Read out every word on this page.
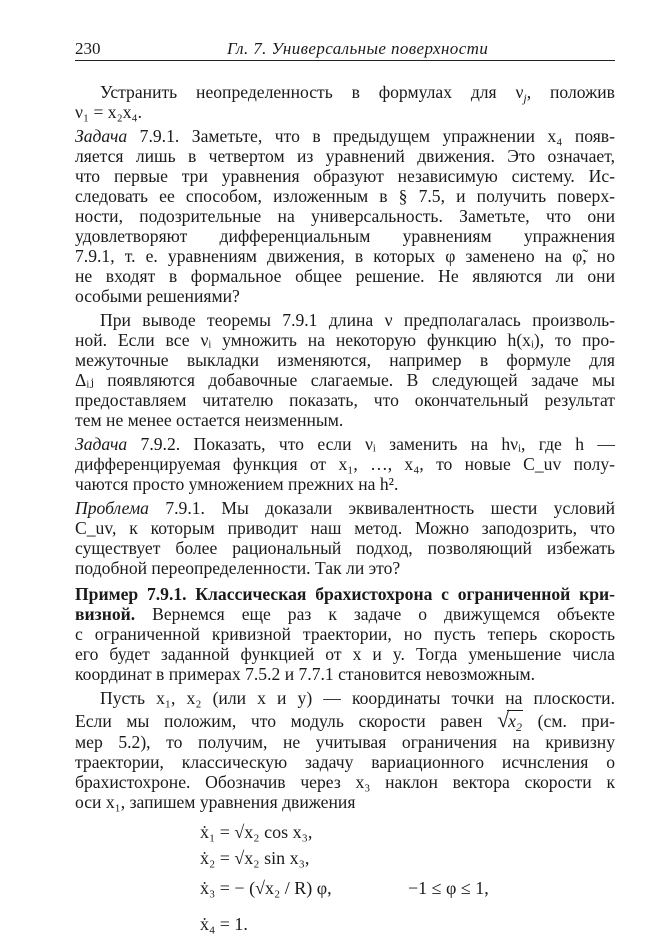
230	Гл. 7. Универсальные поверхности
Устранить неопределенность в формулах для $\nu_j$, положив
ν₁ = x₂x₄.
Задача 7.9.1. Заметьте, что в предыдущем упражнении x₄ появ-
ляется лишь в четвертом из уравнений движения. Это означает,
что первые три уравнения образуют независимую систему. Ис-
следовать ее способом, изложенным в § 7.5, и получить поверх-
ности, подозрительные на универсальность. Заметьте, что они
удовлетворяют дифференциальным уравнениям упражнения
7.9.1, т. е. уравнениям движения, в которых φ заменено на φ̃, но
не входят в формальное общее решение. Не являются ли они
особыми решениями?
При выводе теоремы 7.9.1 длина ν предполагалась произволь-
ной. Если все νᵢ умножить на некоторую функцию h(xᵢ), то про-
межуточные выкладки изменяются, например в формуле для
Δᵢⱼ появляются добавочные слагаемые. В следующей задаче мы
предоставляем читателю показать, что окончательный результат
тем не менее остается неизменным.
Задача 7.9.2. Показать, что если νᵢ заменить на hνᵢ, где h —
дифференцируемая функция от x₁, …, x₄, то новые C_uv полу-
чаются просто умножением прежних на h².
Проблема 7.9.1. Мы доказали эквивалентность шести условий
C_uv, к которым приводит наш метод. Можно заподозрить, что
существует более рациональный подход, позволяющий избежать
подобной переопределенности. Так ли это?
Пример 7.9.1. Классическая брахистохрона с ограниченной кри-
визной. Вернемся еще раз к задаче о движущемся объекте
с ограниченной кривизной траектории, но пусть теперь скорость
его будет заданной функцией от x и y. Тогда уменьшение числа
координат в примерах 7.5.2 и 7.7.1 становится невозможным.
Пусть x₁, x₂ (или x и y) — координаты точки на плоскости.
Если мы положим, что модуль скорости равен $√x_2$ (см. при-
мер 5.2), то получим, не учитывая ограничения на кривизну
траектории, классическую задачу вариационного исчнсления о
брахистохроне. Обозначив через x₃ наклон вектора скорости к
оси x₁, запишем уравнения движения
ẋ₁ = √x₂ cos x₃,
ẋ₂ = √x₂ sin x₃,
ẋ₃ = − (√x₂ / R) φ,	−1 ≤ φ ≤ 1,
ẋ₄ = 1.
